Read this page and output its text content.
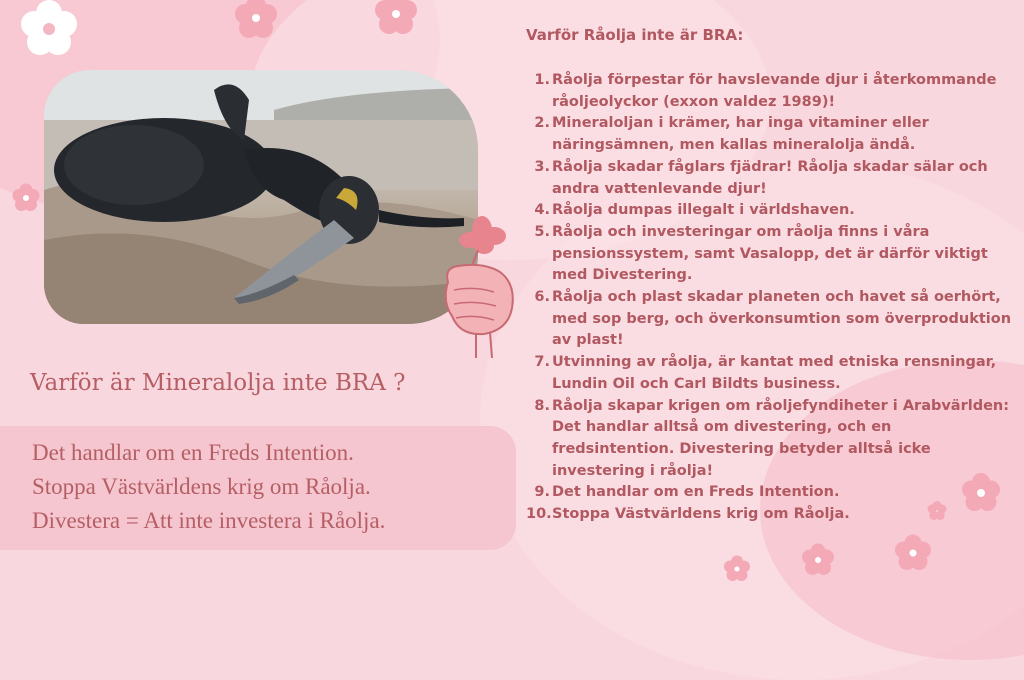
Varför är Mineralolja inte BRA ?
Det handlar om en Freds Intention.
Stoppa Västvärldens krig om Råolja.
Divestera = Att inte investera i Råolja.
Varför Råolja inte är BRA:
1. Råolja förpestar för havslevande djur i återkommande råoljeolyckor (exxon valdez 1989)!
2. Mineraloljan i krämer, har inga vitaminer eller näringsämnen, men kallas mineralolja ändå.
3. Råolja skadar fåglars fjädrar! Råolja skadar sälar och andra vattenlevande djur!
4. Råolja dumpas illegalt i världshaven.
5. Råolja och investeringar om råolja finns i våra pensionssystem, samt Vasalopp, det är därför viktigt med Divestering.
6. Råolja och plast skadar planeten och havet så oerhört, med sop berg, och överkonsumtion som överproduktion av plast!
7. Utvinning av råolja, är kantat med etniska rensningar, Lundin Oil och Carl Bildts business.
8. Råolja skapar krigen om råoljefyndiheter i Arabvärlden: Det handlar alltså om divestering, och en fredsintention. Divestering betyder alltså icke investering i råolja!
9. Det handlar om en Freds Intention.
10. Stoppa Västvärldens krig om Råolja.
